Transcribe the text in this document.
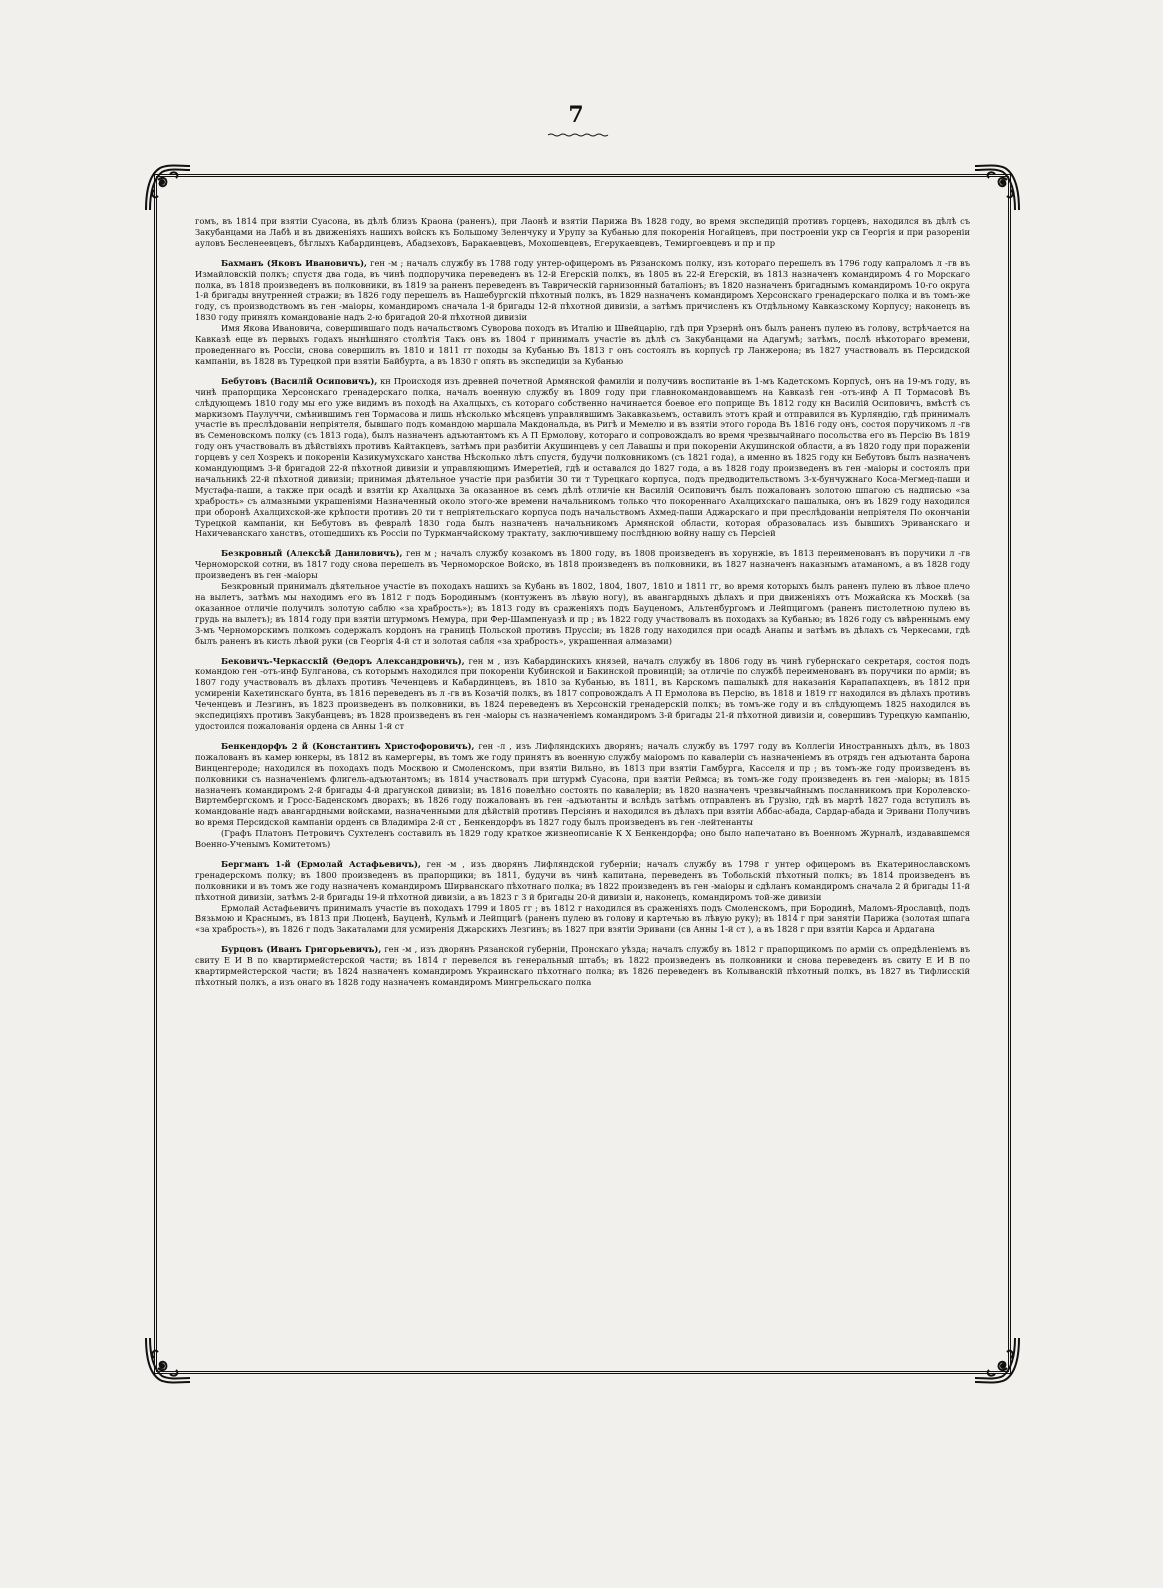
7

гомъ, въ 1814 при взятіи Суасона, въ дѣлѣ близъ Краона (раненъ), при Лаонѣ и взятіи Парижа Въ 1828 году, во время экспедицій противъ горцевъ, находился въ дѣлѣ съ Закубанцами на Лабѣ и въ движеніяхъ нашихъ войскъ къ Большому Зеленчуку и Урупу за Кубанью для покоренія Ногайцевъ, при построеніи укр св Георгія и при разореніи ауловъ Бесленеевцевъ, бѣглыхъ Кабардинцевъ, Абадзеховъ, Баракаевцевъ, Мохошевцевъ, Егерукаевцевъ, Темиргоевцевъ и пр и пр

Бахманъ (Яковъ Ивановичъ), ген -м ; началъ службу въ 1788 году унтер-офицеромъ въ Рязанскомъ полку, изъ котораго перешелъ въ 1796 году капраломъ л -гв въ Измайловскій полкъ; спустя два года, въ чинѣ подпоручика переведенъ въ 12-й Егерскій полкъ, въ 1805 въ 22-й Егерскій, въ 1813 назначенъ командиромъ 4 го Морскаго полка, въ 1818 произведенъ въ полковники, въ 1819 за раненъ переведенъ въ Таврическій гарнизонный баталіонъ; въ 1820 назначенъ бригаднымъ командиромъ 10-го округа 1-й бригады внутренней стражи; въ 1826 году перешелъ въ Нашебургскій пѣхотный полкъ, въ 1829 назначенъ командиромъ Херсонскаго гренадерскаго полка и въ томъ-же году, съ производствомъ въ ген -маіоры, командиромъ сначала 1-й бригады 12-й пѣхотной дивизіи, а затѣмъ причисленъ къ Отдѣльному Кавказскому Корпусу; наконецъ въ 1830 году принялъ командованіе надъ 2-ю бригадой 20-й пѣхотной дивизіи

Имя Якова Ивановича, совершившаго подъ начальствомъ Суворова походъ въ Италію и Швейцарію, гдѣ при Урзернѣ онъ былъ раненъ пулею въ голову, встрѣчается на Кавказѣ еще въ первыхъ годахъ нынѣшняго столѣтія Такъ онъ въ 1804 г принималъ участіе въ дѣлѣ съ Закубанцами на Адагумѣ; затѣмъ, послѣ нѣкотораго времени, проведеннаго въ Россіи, снова совершилъ въ 1810 и 1811 гг походы за Кубанью Въ 1813 г онъ состоялъ въ корпусѣ гр Ланжерона; въ 1827 участвовалъ въ Персидской кампаніи, въ 1828 въ Турецкой при взятіи Байбурта, а въ 1830 г опять въ экспедиціи за Кубанью

Бебутовъ (Василій Осиповичъ), кн Происходя изъ древней почетной Армянской фамиліи и получивъ воспитаніе въ 1-мъ Кадетскомъ Корпусѣ, онъ на 19-мъ году, въ чинѣ прапорщика Херсонскаго гренадерскаго полка, началъ военную службу въ 1809 году при главнокомандовавшемъ на Кавказѣ ген -отъ-инф А П Тормасовѣ Въ слѣдующемъ 1810 году мы его уже видимъ въ походѣ на Ахалцыхъ, съ котораго собственно начинается боевое его поприще Въ 1812 году кн Василій Осиповичъ, вмѣстѣ съ маркизомъ Паулуччи, смѣнившимъ ген Тормасова и лишь нѣсколько мѣсяцевъ управлявшимъ Закавказьемъ, оставилъ этотъ край и отправился въ Курляндію, гдѣ принималъ участіе въ преслѣдованіи непріятеля, бывшаго подъ командою маршала Макдональда, въ Ригѣ и Мемелю и въ взятіи этого города Въ 1816 году онъ, состоя поручикомъ л -гв въ Семеновскомъ полку (съ 1813 года), былъ назначенъ адъютантомъ къ А П Ермолову, котораго и сопровождалъ во время чрезвычайнаго посольства его въ Персію Въ 1819 году онъ участвовалъ въ дѣйствіяхъ противъ Кайтакцевъ, затѣмъ при разбитіи Акушинцевъ у сел Лавашы и при покореніи Акушинской области, а въ 1820 году при пораженіи горцевъ у сел Хозрекъ и покореніи Казикумухскаго ханства Нѣсколько лѣтъ спустя, будучи полковникомъ (съ 1821 года), а именно въ 1825 году кн Бебутовъ былъ назначенъ командующимъ 3-й бригадой 22-й пѣхотной дивизіи и управляющимъ Имеретіей, гдѣ и оставался до 1827 года, а въ 1828 году произведенъ въ ген -маіоры и состоялъ при начальникѣ 22-й пѣхотной дивизіи; принимая дѣятельное участіе при разбитіи 30 ти т Турецкаго корпуса, подъ предводительствомъ 3-х-бунчужнаго Коса-Мегмед-паши и Мустафа-паши, а также при осадѣ и взятіи кр Ахалцыха За оказанное въ семъ дѣлѣ отличіе кн Василій Осиповичъ былъ пожалованъ золотою шпагою съ надписью «за храбрость» съ алмазными украшеніями Назначенный около этого-же времени начальникомъ только что покореннаго Ахалцихскаго пашалыка, онъ въ 1829 году находился при оборонѣ Ахалцихской-же крѣпости противъ 20 ти т непріятельскаго корпуса подъ начальствомъ Ахмед-паши Аджарскаго и при преслѣдованіи непріятеля По окончаніи Турецкой кампаніи, кн Бебутовъ въ февралѣ 1830 года былъ назначенъ начальникомъ Армянской области, которая образовалась изъ бывшихъ Эриванскаго и Нахичеванскаго ханствъ, отошедшихъ къ Россіи по Туркманчайскому трактату, заключившему послѣднюю войну нашу съ Персіей

Безкровный (Алексѣй Даниловичъ), ген м ; началъ службу козакомъ въ 1800 году, въ 1808 произведенъ въ хорунжіе, въ 1813 переименованъ въ поручики л -гв Черноморской сотни, въ 1817 году снова перешелъ въ Черноморское Войско, въ 1818 произведенъ въ полковники, въ 1827 назначенъ наказнымъ атаманомъ, а въ 1828 году произведенъ въ ген -маіоры

Безкровный принималъ дѣятельное участіе въ походахъ нашихъ за Кубань въ 1802, 1804, 1807, 1810 и 1811 гг, во время которыхъ былъ раненъ пулею въ лѣвое плечо на вылетъ, затѣмъ мы находимъ его въ 1812 г подъ Бородинымъ (контуженъ въ лѣвую ногу), въ авангардныхъ дѣлахъ и при движеніяхъ отъ Можайска къ Москвѣ (за оказанное отличіе получилъ золотую саблю «за храбрость»); въ 1813 году въ сраженіяхъ подъ Бауценомъ, Альтенбургомъ и Лейпцигомъ (раненъ пистолетною пулею въ грудь на вылетъ); въ 1814 году при взятіи штурмомъ Немура, при Фер-Шампенуазѣ и пр ; въ 1822 году участвовалъ въ походахъ за Кубанью; въ 1826 году съ ввѣреннымъ ему 3-мъ Черноморскимъ полкомъ содержалъ кордонъ на границѣ Польской противъ Пруссіи; въ 1828 году находился при осадѣ Анапы и затѣмъ въ дѣлахъ съ Черкесами, гдѣ былъ раненъ въ кисть лѣвой руки (св Георгія 4-й ст и золотая сабля «за храбрость», украшенная алмазами)

Бековичъ-Черкасскій (Ѳедоръ Александровичъ), ген м , изъ Кабардинскихъ князей, началъ службу въ 1806 году въ чинѣ губернскаго секретаря, состоя подъ командою ген -отъ-инф Булганова, съ которымъ находился при покореніи Кубинской и Бакинской провинцій; за отличіе по службѣ переименованъ въ поручики по арміи; въ 1807 году участвовалъ въ дѣлахъ противъ Чеченцевъ и Кабардинцевъ, въ 1810 за Кубанью, въ 1811, въ Карскомъ пашалыкѣ для наказанія Карапапахцевъ, въ 1812 при усмиреніи Кахетинскаго бунта, въ 1816 переведенъ въ л -гв въ Козачій полкъ, въ 1817 сопровождалъ А П Ермолова въ Персію, въ 1818 и 1819 гг находился въ дѣлахъ противъ Чеченцевъ и Лезгинъ, въ 1823 произведенъ въ полковники, въ 1824 переведенъ въ Херсонскій гренадерскій полкъ; въ томъ-же году и въ слѣдующемъ 1825 находился въ экспедиціяхъ противъ Закубанцевъ; въ 1828 произведенъ въ ген -маіоры съ назначеніемъ командиромъ 3-й бригады 21-й пѣхотной дивизіи и, совершивъ Турецкую кампанію, удостоился пожалованія ордена св Анны 1-й ст

Бенкендорфъ 2 й (Константинъ Христофоровичъ), ген -л , изъ Лифляндскихъ дворянъ; началъ службу въ 1797 году въ Коллегіи Иностранныхъ дѣлъ, въ 1803 пожалованъ въ камер юнкеры, въ 1812 въ камергеры, въ томъ же году принятъ въ военную службу маіоромъ по кавалеріи съ назначеніемъ въ отрядъ ген адъютанта барона Винценгероде; находился въ походахъ подъ Москвою и Смоленскомъ, при взятіи Вильно, въ 1813 при взятіи Гамбурга, Касселя и пр ; въ томъ-же году произведенъ въ полковники съ назначеніемъ флигель-адъютантомъ; въ 1814 участвовалъ при штурмѣ Суасона, при взятіи Реймса; въ томъ-же году произведенъ въ ген -маіоры; въ 1815 назначенъ командиромъ 2-й бригады 4-й драгунской дивизіи; въ 1816 повелѣно состоять по кавалеріи; въ 1820 назначенъ чрезвычайнымъ посланникомъ при Королевско-Виртембергскомъ и Гросс-Баденскомъ дворахъ; въ 1826 году пожалованъ въ ген -адъютанты и вслѣдъ затѣмъ отправленъ въ Грузію, гдѣ въ мартѣ 1827 года вступилъ въ командованіе надъ авангардными войсками, назначенными для дѣйствій противъ Персіянъ и находился въ дѣлахъ при взятіи Аббас-абада, Сардар-абада и Эривани Получивъ во время Персидской кампаніи орденъ св Владиміра 2-й ст , Бенкендорфъ въ 1827 году былъ произведенъ въ ген -лейтенанты

(Графъ Платонъ Петровичъ Сухтеленъ составилъ въ 1829 году краткое жизнеописаніе К Х Бенкендорфа; оно было напечатано въ Военномъ Журналѣ, издававшемся Военно-Ученымъ Комитетомъ)

Бергманъ 1-й (Ермолай Астафьевичъ), ген -м , изъ дворянъ Лифляндской губерніи; началъ службу въ 1798 г унтер офицеромъ въ Екатеринославскомъ гренадерскомъ полку; въ 1800 произведенъ въ прапорщики; въ 1811, будучи въ чинѣ капитана, переведенъ въ Тобольскій пѣхотный полкъ; въ 1814 произведенъ въ полковники и въ томъ же году назначенъ командиромъ Ширванскаго пѣхотнаго полка; въ 1822 произведенъ въ ген -маіоры и сдѣланъ командиромъ сначала 2 й бригады 11-й пѣхотной дивизіи, затѣмъ 2-й бригады 19-й пѣхотной дивизіи, а въ 1823 г 3 й бригады 20-й дивизіи и, наконецъ, командиромъ той-же дивизіи

Ермолай Астафьевичъ принималъ участіе въ походахъ 1799 и 1805 гг ; въ 1812 г находился въ сраженіяхъ подъ Смоленскомъ, при Бородинѣ, Маломъ-Ярославцѣ, подъ Вязьмою и Краснымъ, въ 1813 при Люценѣ, Бауценѣ, Кульмѣ и Лейпцигѣ (раненъ пулею въ голову и картечью въ лѣвую руку); въ 1814 г при занятіи Парижа (золотая шпага «за храбрость»), въ 1826 г подъ Закаталами для усмиренія Джарскихъ Лезгинъ; въ 1827 при взятіи Эривани (св Анны 1-й ст ), а въ 1828 г при взятіи Карса и Ардагана

Бурцовъ (Иванъ Григорьевичъ), ген -м , изъ дворянъ Рязанской губерніи, Пронскаго уѣзда; началъ службу въ 1812 г прапорщикомъ по арміи съ опредѣленіемъ въ свиту Е И В по квартирмейстерской части; въ 1814 г перевелся въ генеральный штабъ; въ 1822 произведенъ въ полковники и снова переведенъ въ свиту Е И В по квартирмейстерской части; въ 1824 назначенъ командиромъ Украинскаго пѣхотнаго полка; въ 1826 переведенъ въ Колыванскій пѣхотный полкъ, въ 1827 въ Тифлисскій пѣхотный полкъ, а изъ онаго въ 1828 году назначенъ командиромъ Мингрельскаго полка
